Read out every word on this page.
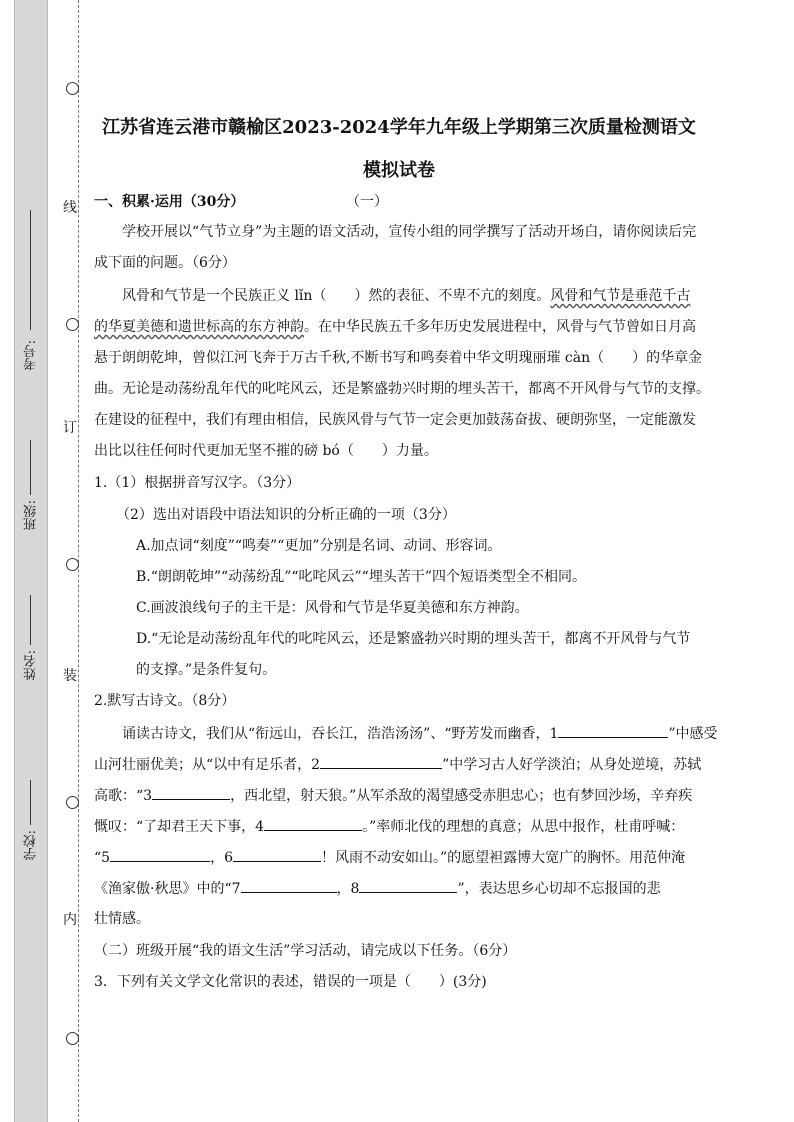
线
订
装
内
考号:
班级:
姓名:
学校:
江苏省连云港市赣榆区2023-2024学年九年级上学期第三次质量检测语文
模拟试卷
一、积累·运用（30分）	（一）
学校开展以“气节立身”为主题的语文活动，宣传小组的同学撰写了活动开场白，请你阅读后完
成下面的问题。（6分）
风骨和气节是一个民族正义 lǐn（　　）然的表征、不卑不亢的刻度。风骨和气节是垂范千古
的华夏美德和遗世标高的东方神韵。在中华民族五千多年历史发展进程中，风骨与气节曾如日月高
悬于朗朗乾坤，曾似江河飞奔于万古千秋,不断书写和鸣奏着中华文明瑰丽璀 càn（　　）的华章金
曲。无论是动荡纷乱年代的叱咤风云，还是繁盛勃兴时期的埋头苦干，都离不开风骨与气节的支撑。
在建设的征程中，我们有理由相信，民族风骨与气节一定会更加鼓荡奋拔、硬朗弥坚，一定能激发
出比以往任何时代更加无坚不摧的磅 bó（　　）力量。
1.（1）根据拼音写汉字。（3分）
（2）选出对语段中语法知识的分析正确的一项（3分）
A.加点词“刻度”“鸣奏”“更加”分别是名词、动词、形容词。
B.“朗朗乾坤”“动荡纷乱”“叱咤风云”“埋头苦干”四个短语类型全不相同。
C.画波浪线句子的主干是：风骨和气节是华夏美德和东方神韵。
D.“无论是动荡纷乱年代的叱咤风云，还是繁盛勃兴时期的埋头苦干，都离不开风骨与气节
的支撑。”是条件复句。
2.默写古诗文。（8分）
诵读古诗文，我们从“衔远山，吞长江，浩浩汤汤”、“野芳发而幽香，1	”中感受
山河壮丽优美；从“以中有足乐者，2	”中学习古人好学淡泊；从身处逆境，苏轼
高歌：“3	，西北望，射天狼。”从军杀敌的渴望感受赤胆忠心；也有梦回沙场，辛弃疾
慨叹：“了却君王天下事，4	。”率师北伐的理想的真意；从思中报作，杜甫呼喊：
“5	，6	！风雨不动安如山。”的愿望袒露博大宽广的胸怀。用范仲淹
《渔家傲·秋思》中的“7	，8	”，表达思乡心切却不忘报国的悲
壮情感。
（二）班级开展“我的语文生活”学习活动，请完成以下任务。（6分）
3．下列有关文学文化常识的表述，错误的一项是（　　）(3分)
